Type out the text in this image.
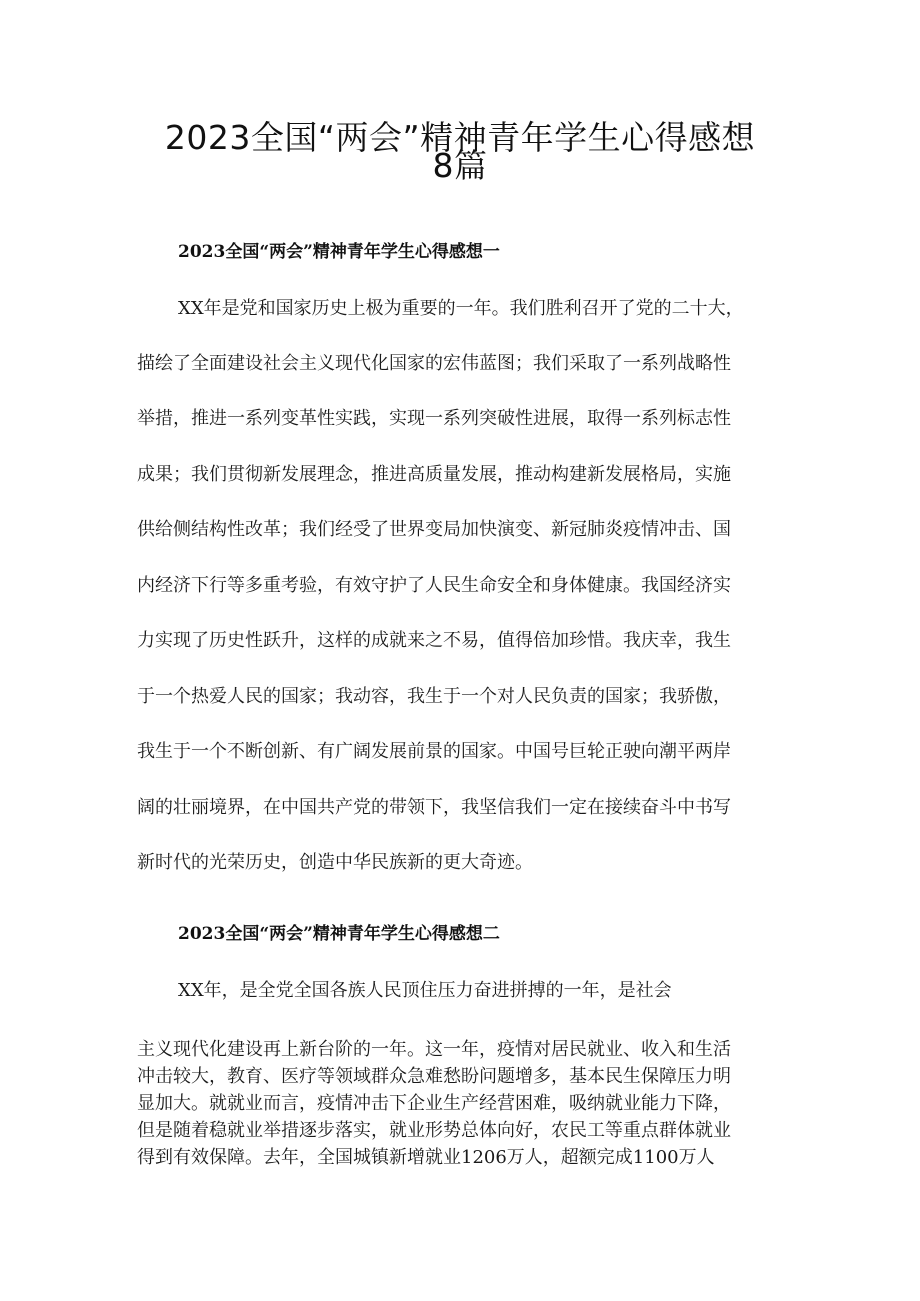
2023全国“两会”精神青年学生心得感想
8篇
2023全国“两会”精神青年学生心得感想一
XX年是党和国家历史上极为重要的一年。我们胜利召开了党的二十大，
描绘了全面建设社会主义现代化国家的宏伟蓝图；我们采取了一系列战略性
举措，推进一系列变革性实践，实现一系列突破性进展，取得一系列标志性
成果；我们贯彻新发展理念，推进高质量发展，推动构建新发展格局，实施
供给侧结构性改革；我们经受了世界变局加快演变、新冠肺炎疫情冲击、国
内经济下行等多重考验，有效守护了人民生命安全和身体健康。我国经济实
力实现了历史性跃升，这样的成就来之不易，值得倍加珍惜。我庆幸，我生
于一个热爱人民的国家；我动容，我生于一个对人民负责的国家；我骄傲，
我生于一个不断创新、有广阔发展前景的国家。中国号巨轮正驶向潮平两岸
阔的壮丽境界，在中国共产党的带领下，我坚信我们一定在接续奋斗中书写
新时代的光荣历史，创造中华民族新的更大奇迹。
2023全国“两会”精神青年学生心得感想二
XX年，是全党全国各族人民顶住压力奋进拼搏的一年，是社会
主义现代化建设再上新台阶的一年。这一年，疫情对居民就业、收入和生活
冲击较大，教育、医疗等领域群众急难愁盼问题增多，基本民生保障压力明
显加大。就就业而言，疫情冲击下企业生产经营困难，吸纳就业能力下降，
但是随着稳就业举措逐步落实，就业形势总体向好，农民工等重点群体就业
得到有效保障。去年，全国城镇新增就业1206万人，超额完成1100万人
